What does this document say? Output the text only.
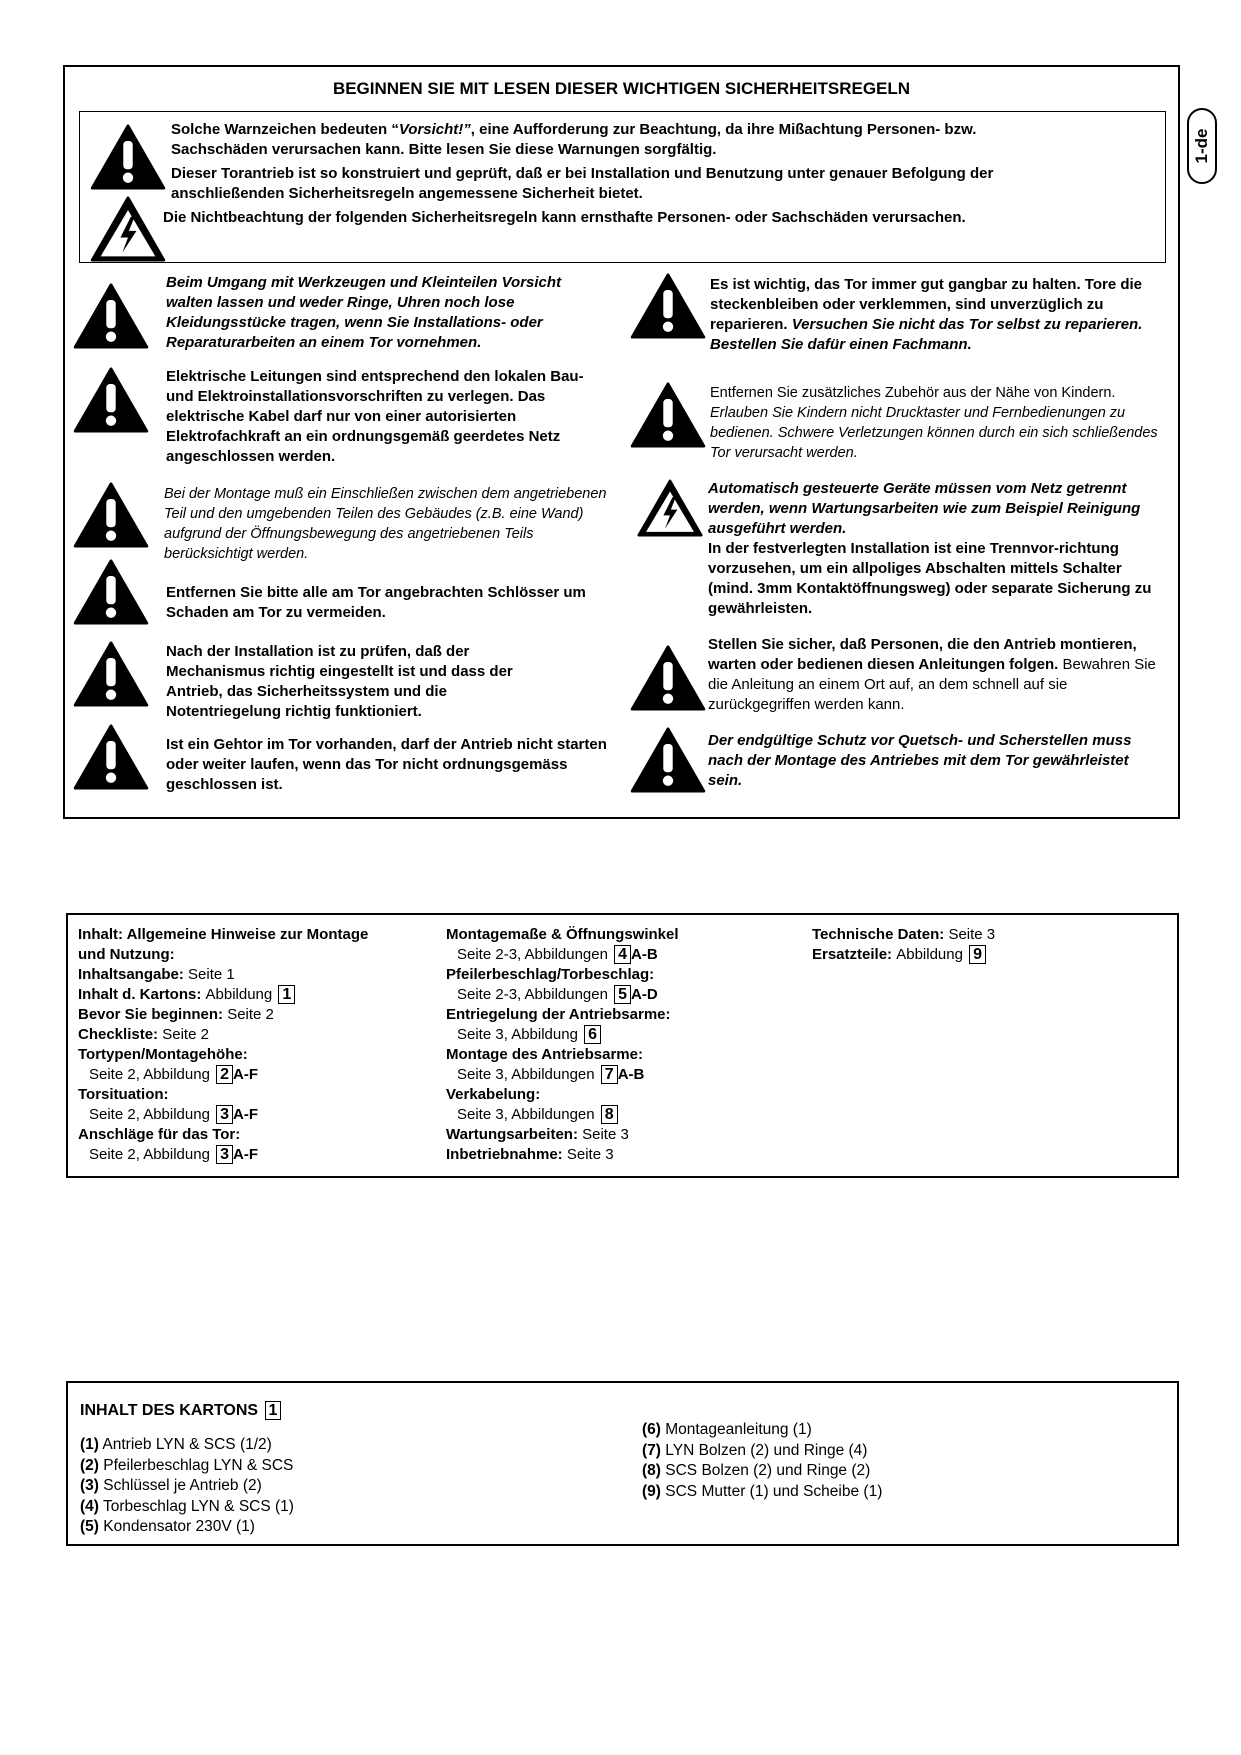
1-de
BEGINNEN SIE MIT LESEN DIESER WICHTIGEN SICHERHEITSREGELN
Solche Warnzeichen bedeuten “Vorsicht!”, eine Aufforderung zur Beachtung, da ihre Mißachtung Personen- bzw.
Sachschäden verursachen kann. Bitte lesen Sie diese Warnungen sorgfältig.
Dieser Torantrieb ist so konstruiert und geprüft, daß er bei Installation und Benutzung unter genauer Befolgung der
anschließenden Sicherheitsregeln angemessene Sicherheit bietet.
Die Nichtbeachtung der folgenden Sicherheitsregeln kann ernsthafte Personen- oder Sachschäden verursachen.
Beim Umgang mit Werkzeugen und Kleinteilen Vorsicht walten lassen und weder Ringe, Uhren noch lose Kleidungsstücke tragen, wenn Sie Installations- oder Reparaturarbeiten an einem Tor vornehmen.
Elektrische Leitungen sind entsprechend den lokalen Bau- und Elektroinstallationsvorschriften zu verlegen. Das elektrische Kabel darf nur von einer autorisierten Elektrofachkraft an ein ordnungsgemäß geerdetes Netz angeschlossen werden.
Bei der Montage muß ein Einschließen zwischen dem angetriebenen Teil und den umgebenden Teilen des Gebäudes (z.B. eine Wand) aufgrund der Öffnungsbewegung des angetriebenen Teils berücksichtigt werden.
Entfernen Sie bitte alle am Tor angebrachten Schlösser um Schaden am Tor zu vermeiden.
Nach der Installation ist zu prüfen, daß der Mechanismus richtig eingestellt ist und dass der Antrieb, das Sicherheitssystem und die Notentriegelung richtig funktioniert.
Ist ein Gehtor im Tor vorhanden, darf der Antrieb nicht starten oder weiter laufen, wenn das Tor nicht ordnungsgemäss geschlossen ist.
Es ist wichtig, das Tor immer gut gangbar zu halten. Tore die steckenbleiben oder verklemmen, sind unverzüglich zu reparieren. Versuchen Sie nicht das Tor selbst zu reparieren. Bestellen Sie dafür einen Fachmann.
Entfernen Sie zusätzliches Zubehör aus der Nähe von Kindern. Erlauben Sie Kindern nicht Drucktaster und Fernbedienungen zu bedienen. Schwere Verletzungen können durch ein sich schließendes Tor verursacht werden.
Automatisch gesteuerte Geräte müssen vom Netz getrennt werden, wenn Wartungsarbeiten wie zum Beispiel Reinigung ausgeführt werden.
In der festverlegten Installation ist eine Trennvor-richtung vorzusehen, um ein allpoliges Abschalten mittels Schalter (mind. 3mm Kontaktöffnungsweg) oder separate Sicherung zu gewährleisten.
Stellen Sie sicher, daß Personen, die den Antrieb montieren, warten oder bedienen diesen Anleitungen folgen. Bewahren Sie die Anleitung an einem Ort auf, an dem schnell auf sie zurückgegriffen werden kann.
Der endgültige Schutz vor Quetsch- und Scherstellen muss nach der Montage des Antriebes mit dem Tor gewährleistet sein.
Inhalt: Allgemeine Hinweise zur Montage
und Nutzung:
Inhaltsangabe: Seite 1
Inhalt d. Kartons: Abbildung 1
Bevor Sie beginnen: Seite 2
Checkliste: Seite 2
Tortypen/Montagehöhe:
Seite 2, Abbildung 2 A-F
Torsituation:
Seite 2, Abbildung 3 A-F
Anschläge für das Tor:
Seite 2, Abbildung 3 A-F
Montagemaße & Öffnungswinkel
Seite 2-3, Abbildungen 4 A-B
Pfeilerbeschlag/Torbeschlag:
Seite 2-3, Abbildungen 5 A-D
Entriegelung der Antriebsarme:
Seite 3, Abbildung 6
Montage des Antriebsarme:
Seite 3, Abbildungen 7 A-B
Verkabelung:
Seite 3, Abbildungen 8
Wartungsarbeiten: Seite 3
Inbetriebnahme: Seite 3
Technische Daten: Seite 3
Ersatzteile: Abbildung 9
INHALT DES KARTONS 1
(1) Antrieb LYN & SCS (1/2)
(2) Pfeilerbeschlag LYN & SCS
(3) Schlüssel je Antrieb (2)
(4) Torbeschlag LYN & SCS (1)
(5) Kondensator 230V (1)
(6) Montageanleitung (1)
(7) LYN Bolzen (2) und Ringe (4)
(8) SCS Bolzen (2) und Ringe (2)
(9) SCS Mutter (1) und Scheibe (1)
